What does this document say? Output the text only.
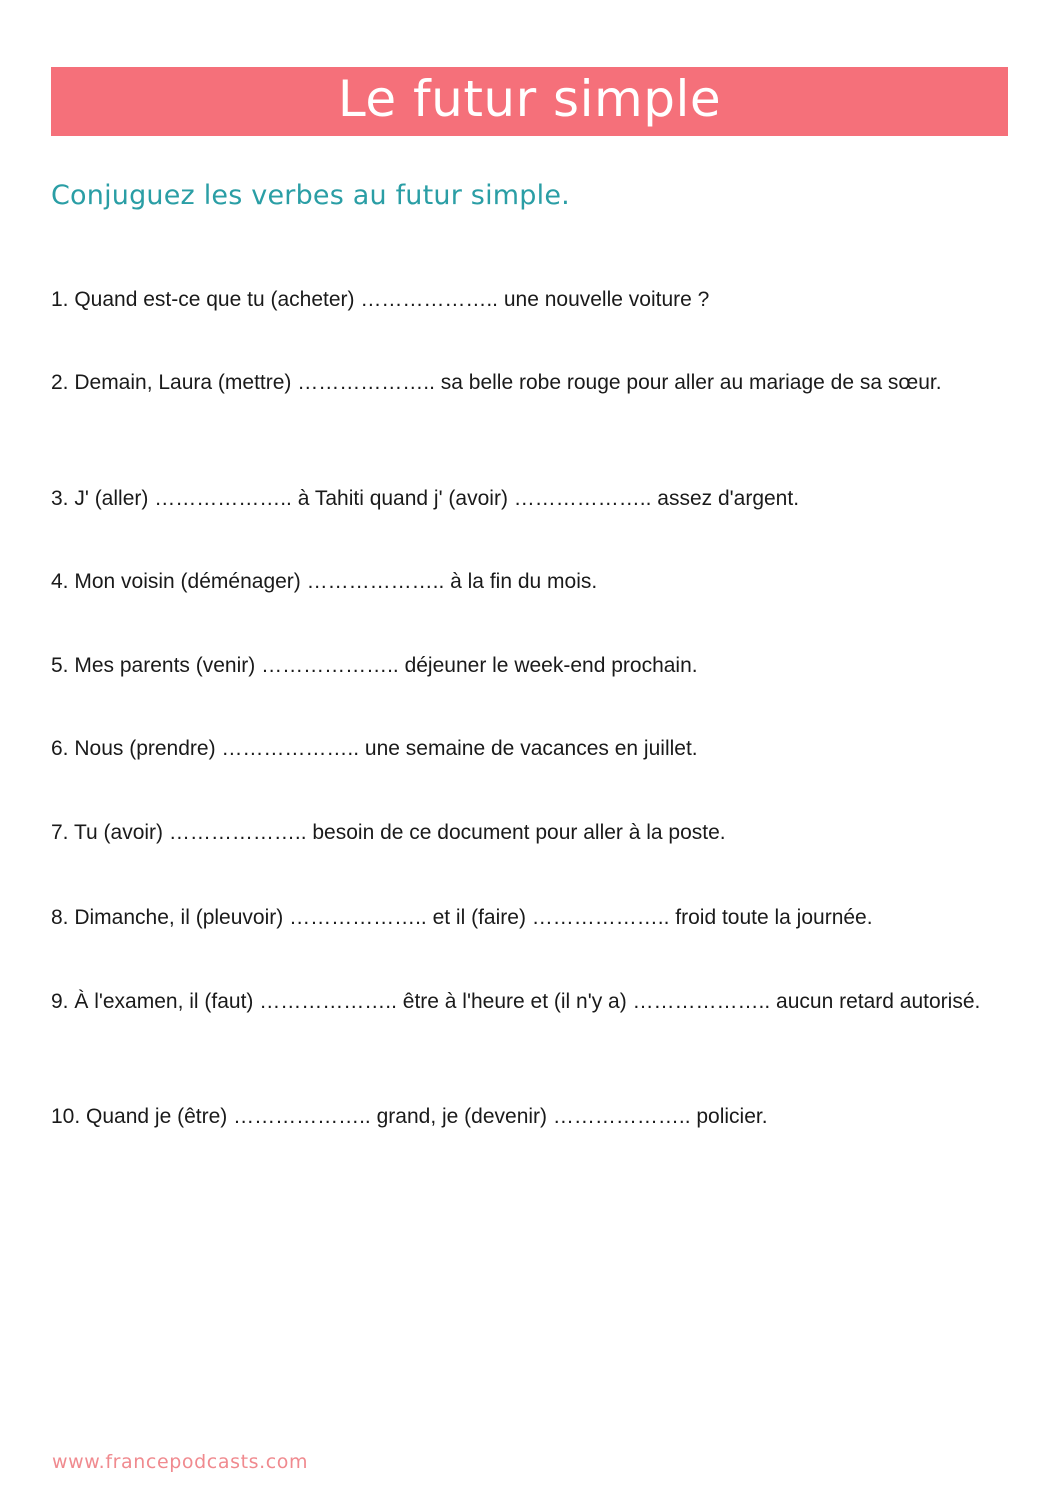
Le futur simple
Conjuguez les verbes au futur simple.
1. Quand est-ce que tu (acheter) ……………….. une nouvelle voiture ?
2. Demain, Laura (mettre) ……………….. sa belle robe rouge pour aller au mariage de sa sœur.
3. J' (aller) ……………….. à Tahiti quand j' (avoir) ……………….. assez d'argent.
4. Mon voisin (déménager) ……………….. à la fin du mois.
5. Mes parents (venir) ……………….. déjeuner le week-end prochain.
6. Nous (prendre) ……………….. une semaine de vacances en juillet.
7. Tu (avoir) ……………….. besoin de ce document pour aller à la poste.
8. Dimanche, il (pleuvoir) ……………….. et il (faire) ……………….. froid toute la journée.
9. À l'examen, il (faut) ……………….. être à l'heure et (il n'y a) ……………….. aucun retard autorisé.
10. Quand je (être) ……………….. grand, je (devenir) ……………….. policier.
www.francepodcasts.com
